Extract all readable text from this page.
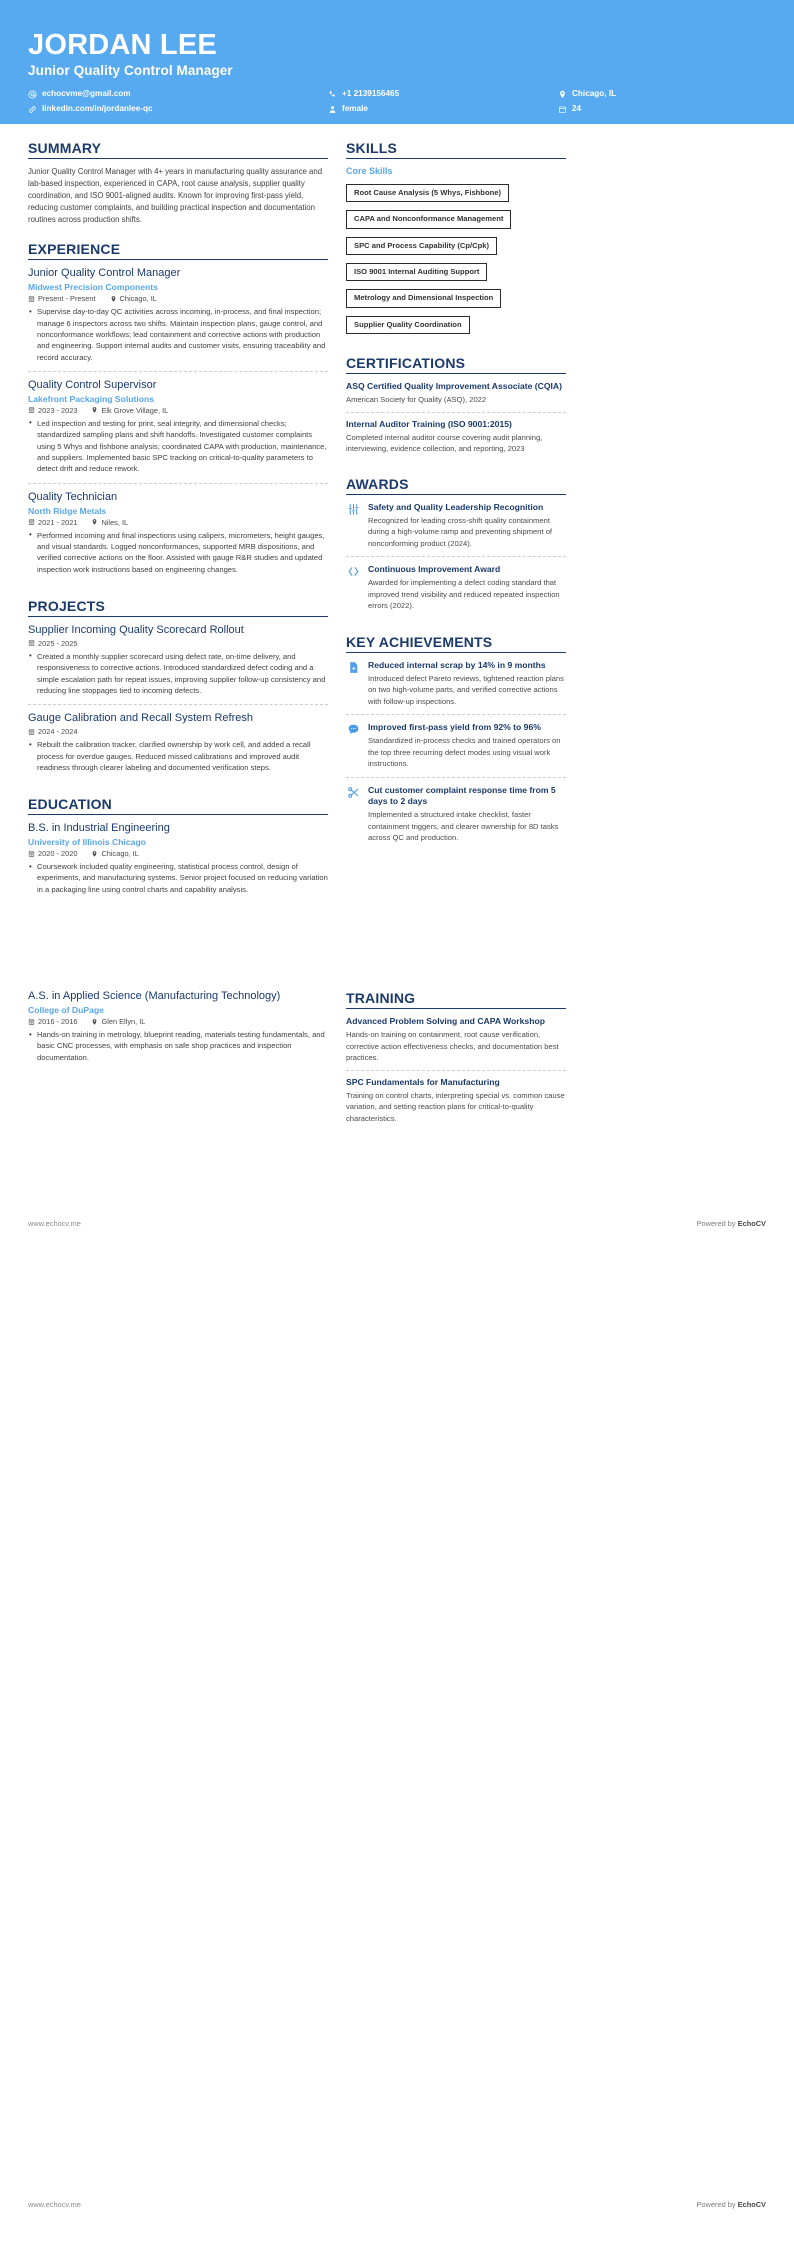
JORDAN LEE
Junior Quality Control Manager
echocvme@gmail.com	+1 2139156465	Chicago, IL
linkedin.com/in/jordanlee-qc	female	24
SUMMARY
Junior Quality Control Manager with 4+ years in manufacturing quality assurance and lab-based inspection, experienced in CAPA, root cause analysis, supplier quality coordination, and ISO 9001-aligned audits. Known for improving first-pass yield, reducing customer complaints, and building practical inspection and documentation routines across production shifts.
EXPERIENCE
Junior Quality Control Manager
Midwest Precision Components
Present - Present	Chicago, IL
• Supervise day-to-day QC activities across incoming, in-process, and final inspection; manage 6 inspectors across two shifts. Maintain inspection plans, gauge control, and nonconformance workflows; lead containment and corrective actions with production and engineering. Support internal audits and customer visits, ensuring traceability and record accuracy.
Quality Control Supervisor
Lakefront Packaging Solutions
2023 - 2023	Elk Grove Village, IL
• Led inspection and testing for print, seal integrity, and dimensional checks; standardized sampling plans and shift handoffs. Investigated customer complaints using 5 Whys and fishbone analysis; coordinated CAPA with production, maintenance, and suppliers. Implemented basic SPC tracking on critical-to-quality parameters to detect drift and reduce rework.
Quality Technician
North Ridge Metals
2021 - 2021	Niles, IL
• Performed incoming and final inspections using calipers, micrometers, height gauges, and visual standards. Logged nonconformances, supported MRB dispositions, and verified corrective actions on the floor. Assisted with gauge R&R studies and updated inspection work instructions based on engineering changes.
PROJECTS
Supplier Incoming Quality Scorecard Rollout
2025 - 2025
• Created a monthly supplier scorecard using defect rate, on-time delivery, and responsiveness to corrective actions. Introduced standardized defect coding and a simple escalation path for repeat issues, improving supplier follow-up consistency and reducing line stoppages tied to incoming defects.
Gauge Calibration and Recall System Refresh
2024 - 2024
• Rebuilt the calibration tracker, clarified ownership by work cell, and added a recall process for overdue gauges. Reduced missed calibrations and improved audit readiness through clearer labeling and documented verification steps.
EDUCATION
B.S. in Industrial Engineering
University of Illinois Chicago
2020 - 2020	Chicago, IL
• Coursework included quality engineering, statistical process control, design of experiments, and manufacturing systems. Senior project focused on reducing variation in a packaging line using control charts and capability analysis.
SKILLS
Core Skills
Root Cause Analysis (5 Whys, Fishbone) CAPA and Nonconformance Management SPC and Process Capability (Cp/Cpk) ISO 9001 Internal Auditing Support Metrology and Dimensional Inspection Supplier Quality Coordination
CERTIFICATIONS
ASQ Certified Quality Improvement Associate (CQIA)
American Society for Quality (ASQ), 2022
Internal Auditor Training (ISO 9001:2015)
Completed internal auditor course covering audit planning, interviewing, evidence collection, and reporting, 2023
AWARDS
Safety and Quality Leadership Recognition
Recognized for leading cross-shift quality containment during a high-volume ramp and preventing shipment of nonconforming product (2024).
Continuous Improvement Award
Awarded for implementing a defect coding standard that improved trend visibility and reduced repeated inspection errors (2022).
KEY ACHIEVEMENTS
Reduced internal scrap by 14% in 9 months
Introduced defect Pareto reviews, tightened reaction plans on two high-volume parts, and verified corrective actions with follow-up inspections.
Improved first-pass yield from 92% to 96%
Standardized in-process checks and trained operators on the top three recurring defect modes using visual work instructions.
Cut customer complaint response time from 5 days to 2 days
Implemented a structured intake checklist, faster containment triggers, and clearer ownership for 8D tasks across QC and production.
www.echocv.me	Powered by EchoCV
A.S. in Applied Science (Manufacturing Technology)
College of DuPage
2016 - 2016	Glen Ellyn, IL
• Hands-on training in metrology, blueprint reading, materials testing fundamentals, and basic CNC processes, with emphasis on safe shop practices and inspection documentation.
TRAINING
Advanced Problem Solving and CAPA Workshop
Hands-on training on containment, root cause verification, corrective action effectiveness checks, and documentation best practices.
SPC Fundamentals for Manufacturing
Training on control charts, interpreting special vs. common cause variation, and setting reaction plans for critical-to-quality characteristics.
www.echocv.me	Powered by EchoCV
